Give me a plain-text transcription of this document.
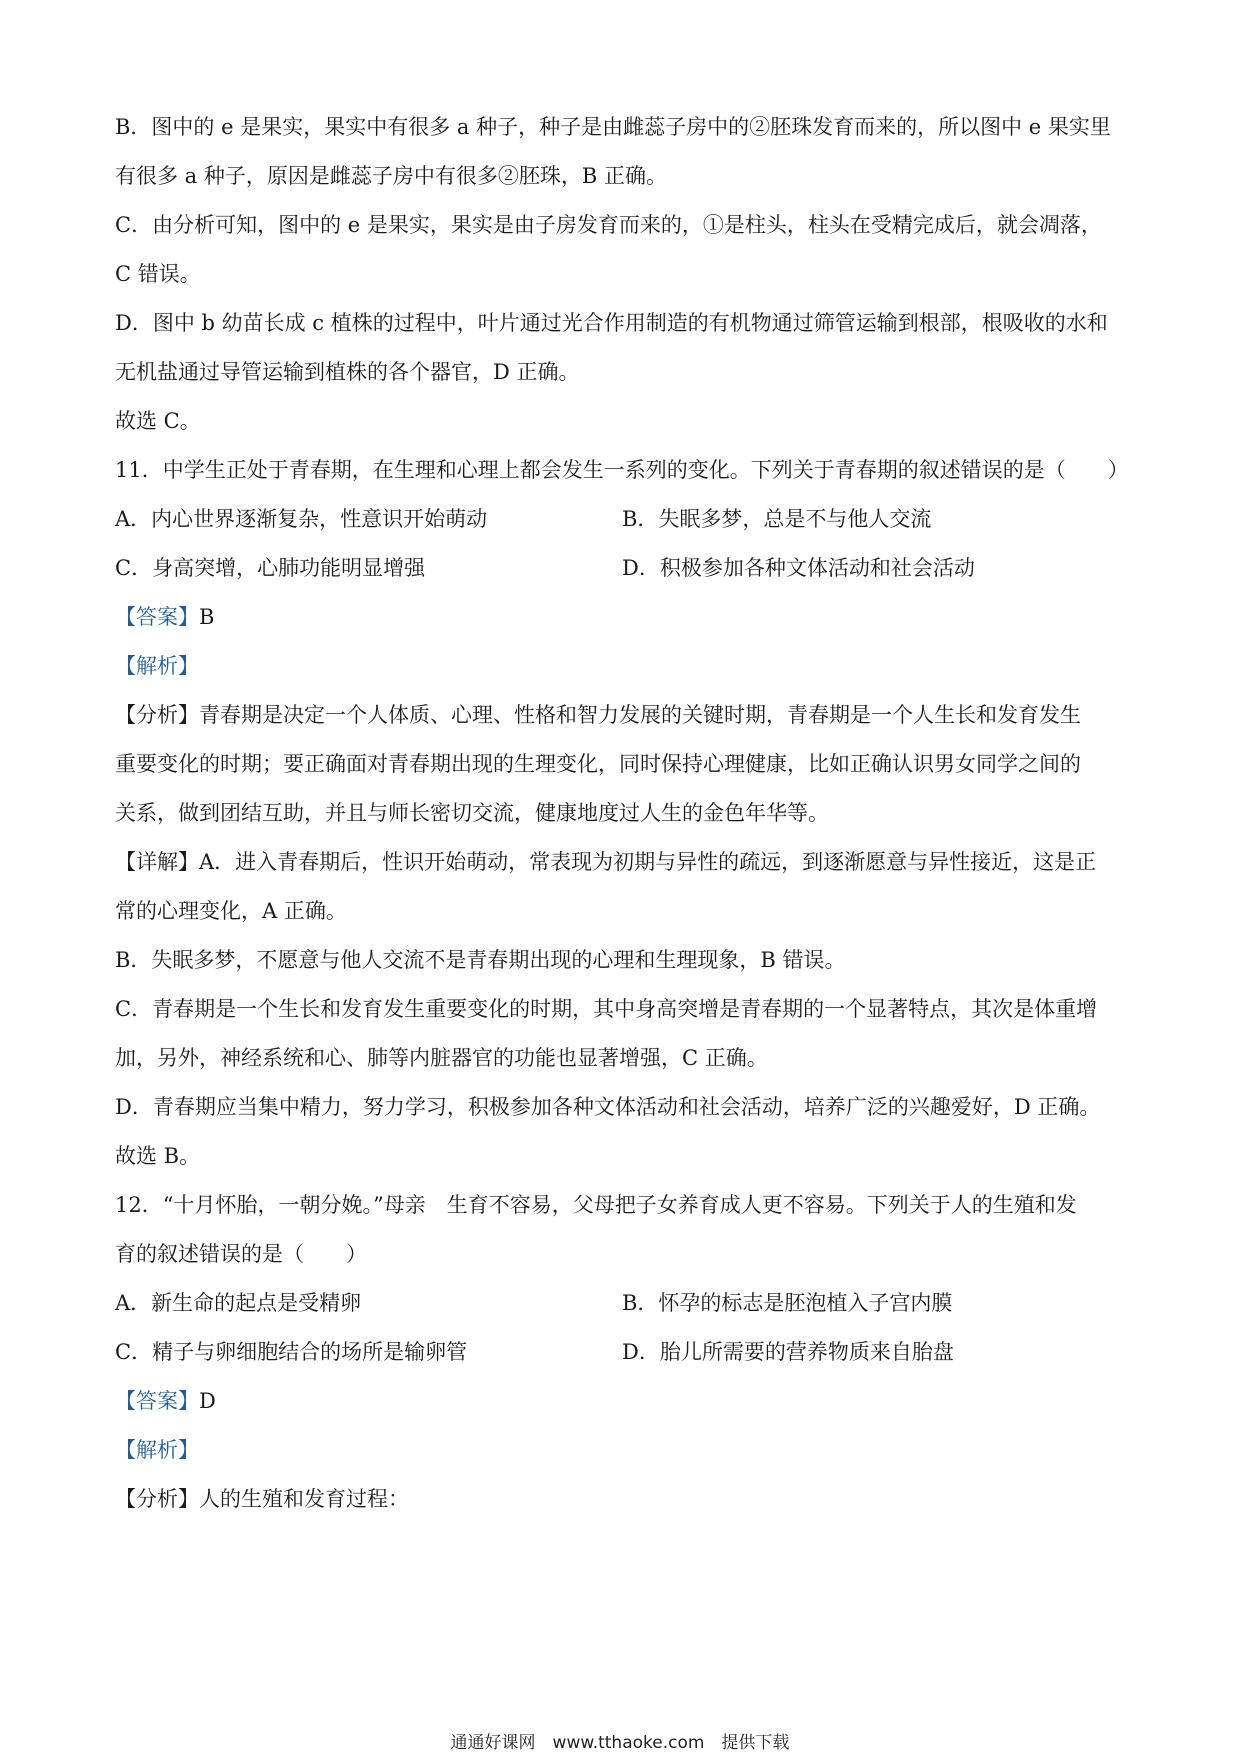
B．图中的 e 是果实，果实中有很多 a 种子，种子是由雌蕊子房中的②胚珠发育而来的，所以图中 e 果实里
有很多 a 种子，原因是雌蕊子房中有很多②胚珠，B 正确。
C．由分析可知，图中的 e 是果实，果实是由子房发育而来的，①是柱头，柱头在受精完成后，就会凋落，
C 错误。
D．图中 b 幼苗长成 c 植株的过程中，叶片通过光合作用制造的有机物通过筛管运输到根部，根吸收的水和
无机盐通过导管运输到植株的各个器官，D 正确。
故选 C。
11．中学生正处于青春期，在生理和心理上都会发生一系列的变化。下列关于青春期的叙述错误的是（　　）
A．内心世界逐渐复杂，性意识开始萌动	B．失眠多梦，总是不与他人交流
C．身高突增，心肺功能明显增强	D．积极参加各种文体活动和社会活动
【答案】B
【解析】
【分析】青春期是决定一个人体质、心理、性格和智力发展的关键时期，青春期是一个人生长和发育发生
重要变化的时期；要正确面对青春期出现的生理变化，同时保持心理健康，比如正确认识男女同学之间的
关系，做到团结互助，并且与师长密切交流，健康地度过人生的金色年华等。
【详解】A．进入青春期后，性识开始萌动，常表现为初期与异性的疏远，到逐渐愿意与异性接近，这是正
常的心理变化，A 正确。
B．失眠多梦，不愿意与他人交流不是青春期出现的心理和生理现象，B 错误。
C．青春期是一个生长和发育发生重要变化的时期，其中身高突增是青春期的一个显著特点，其次是体重增
加，另外，神经系统和心、肺等内脏器官的功能也显著增强，C 正确。
D．青春期应当集中精力，努力学习，积极参加各种文体活动和社会活动，培养广泛的兴趣爱好，D 正确。
故选 B。
12．“十月怀胎，一朝分娩。”母亲　生育不容易，父母把子女养育成人更不容易。下列关于人的生殖和发
育的叙述错误的是（　　）
A．新生命的起点是受精卵	B．怀孕的标志是胚泡植入子宫内膜
C．精子与卵细胞结合的场所是输卵管	D．胎儿所需要的营养物质来自胎盘
【答案】D
【解析】
【分析】人的生殖和发育过程：
通通好课网　www.tthaoke.com　提供下载
